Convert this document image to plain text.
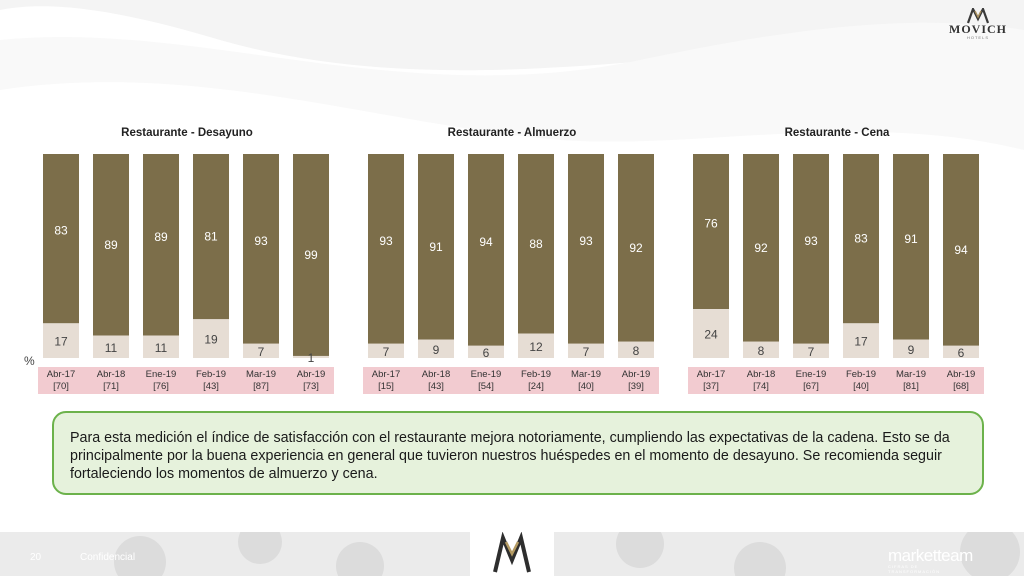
MOVICH
HOTELS
Restaurante - Desayuno	Restaurante - Almuerzo	Restaurante - Cena
%
83
17
Abr-17
[70]
89
11
Abr-18
[71]
89
11
Ene-19
[76]
81
19
Feb-19
[43]
93
7
Mar-19
[87]
99
1
Abr-19
[73]
93
7
Abr-17
[15]
91
9
Abr-18
[43]
94
6
Ene-19
[54]
88
12
Feb-19
[24]
93
7
Mar-19
[40]
92
8
Abr-19
[39]
76
24
Abr-17
[37]
92
8
Abr-18
[74]
93
7
Ene-19
[67]
83
17
Feb-19
[40]
91
9
Mar-19
[81]
94
6
Abr-19
[68]
Para esta medición el índice de satisfacción con el restaurante mejora notoriamente, cumpliendo las expectativas de la cadena. Esto se da principalmente por la buena experiencia en general que tuvieron nuestros huéspedes en el momento de desayuno. Se recomienda seguir fortaleciendo los momentos de almuerzo y cena.
20	Confidencial	marketteam
CIFRAS DE TRANSFORMACIÓN
